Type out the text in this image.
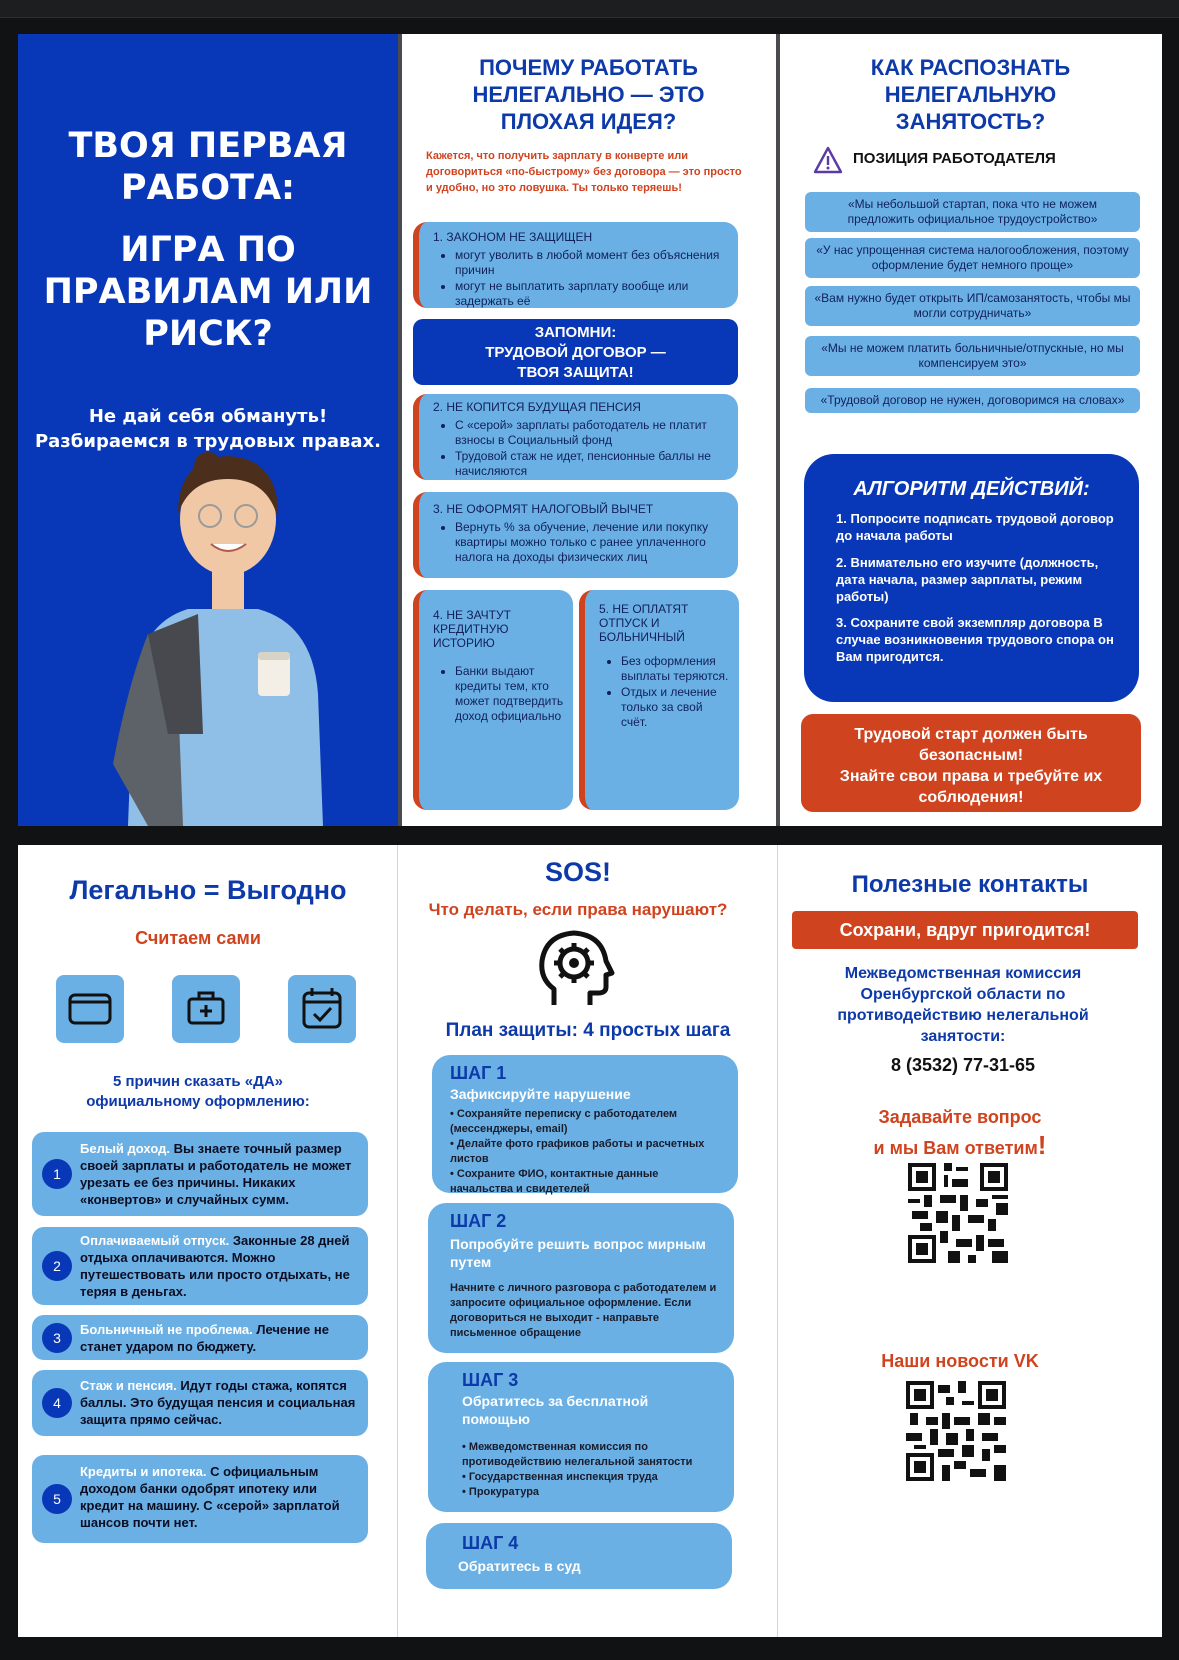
ТВОЯ ПЕРВАЯ
РАБОТА:
ИГРА ПО
ПРАВИЛАМ ИЛИ
РИСК?
Не дай себя обмануть!
Разбираемся в трудовых правах.
ПОЧЕМУ РАБОТАТЬ
НЕЛЕГАЛЬНО — ЭТО
ПЛОХАЯ ИДЕЯ?
Кажется, что получить зарплату в конверте или договориться «по-быстрому» без договора — это просто и удобно, но это ловушка. Ты только теряешь!
1. ЗАКОНОМ НЕ ЗАЩИЩЕН
• могут уволить в любой момент без объяснения причин
• могут не выплатить зарплату вообще или задержать её
ЗАПОМНИ:
ТРУДОВОЙ ДОГОВОР —
ТВОЯ ЗАЩИТА!
2. НЕ КОПИТСЯ БУДУЩАЯ ПЕНСИЯ
• С «серой» зарплаты работодатель не платит взносы в Социальный фонд
• Трудовой стаж не идет, пенсионные баллы не начисляются
3. НЕ ОФОРМЯТ НАЛОГОВЫЙ ВЫЧЕТ
• Вернуть % за обучение, лечение или покупку квартиры можно только с ранее уплаченного налога на доходы физических лиц
4. НЕ ЗАЧТУТ КРЕДИТНУЮ ИСТОРИЮ
• Банки выдают кредиты тем, кто может подтвердить доход официально
5. НЕ ОПЛАТЯТ ОТПУСК И БОЛЬНИЧНЫЙ
• Без оформления выплаты теряются.
• Отдых и лечение только за свой счёт.
КАК РАСПОЗНАТЬ
НЕЛЕГАЛЬНУЮ
ЗАНЯТОСТЬ?
ПОЗИЦИЯ РАБОТОДАТЕЛЯ
«Мы небольшой стартап, пока что не можем предложить официальное трудоустройство»
«У нас упрощенная система налогообложения, поэтому оформление будет немного проще»
«Вам нужно будет открыть ИП/самозанятость, чтобы мы могли сотрудничать»
«Мы не можем платить больничные/отпускные, но мы компенсируем это»
«Трудовой договор не нужен, договоримся на словах»
АЛГОРИТМ ДЕЙСТВИЙ:
1. Попросите подписать трудовой договор до начала работы
2. Внимательно его изучите (должность, дата начала, размер зарплаты, режим работы)
3. Сохраните свой экземпляр договора В случае возникновения трудового спора он Вам пригодится.
Трудовой старт должен быть безопасным!
Знайте свои права и требуйте их соблюдения!
Легально = Выгодно
Считаем сами
5 причин сказать «ДА»
официальному оформлению:
1
Белый доход. Вы знаете точный размер своей зарплаты и работодатель не может урезать ее без причины. Никаких «конвертов» и случайных сумм.
2
Оплачиваемый отпуск. Законные 28 дней отдыха оплачиваются. Можно путешествовать или просто отдыхать, не теряя в деньгах.
3
Больничный не проблема. Лечение не станет ударом по бюджету.
4
Стаж и пенсия. Идут годы стажа, копятся баллы. Это будущая пенсия и социальная защита прямо сейчас.
5
Кредиты и ипотека. С официальным доходом банки одобрят ипотеку или кредит на машину. С «серой» зарплатой шансов почти нет.
SOS!
Что делать, если права нарушают?
План защиты: 4 простых шага
ШАГ 1
Зафиксируйте нарушение
• Сохраняйте переписку с работодателем (мессенджеры, email)
• Делайте фото графиков работы и расчетных листов
• Сохраните ФИО, контактные данные начальства и свидетелей
ШАГ 2
Попробуйте решить вопрос мирным путем
Начните с личного разговора с работодателем и запросите официальное оформление. Если договориться не выходит - направьте письменное обращение
ШАГ 3
Обратитесь за бесплатной помощью
• Межведомственная комиссия по противодействию нелегальной занятости
• Государственная инспекция труда
• Прокуратура
ШАГ 4
Обратитесь в суд
Полезные контакты
Сохрани, вдруг пригодится!
Межведомственная комиссия Оренбургской области по противодействию нелегальной занятости:
8 (3532) 77-31-65
Задавайте вопрос
и мы Вам ответим!
Наши новости VK
